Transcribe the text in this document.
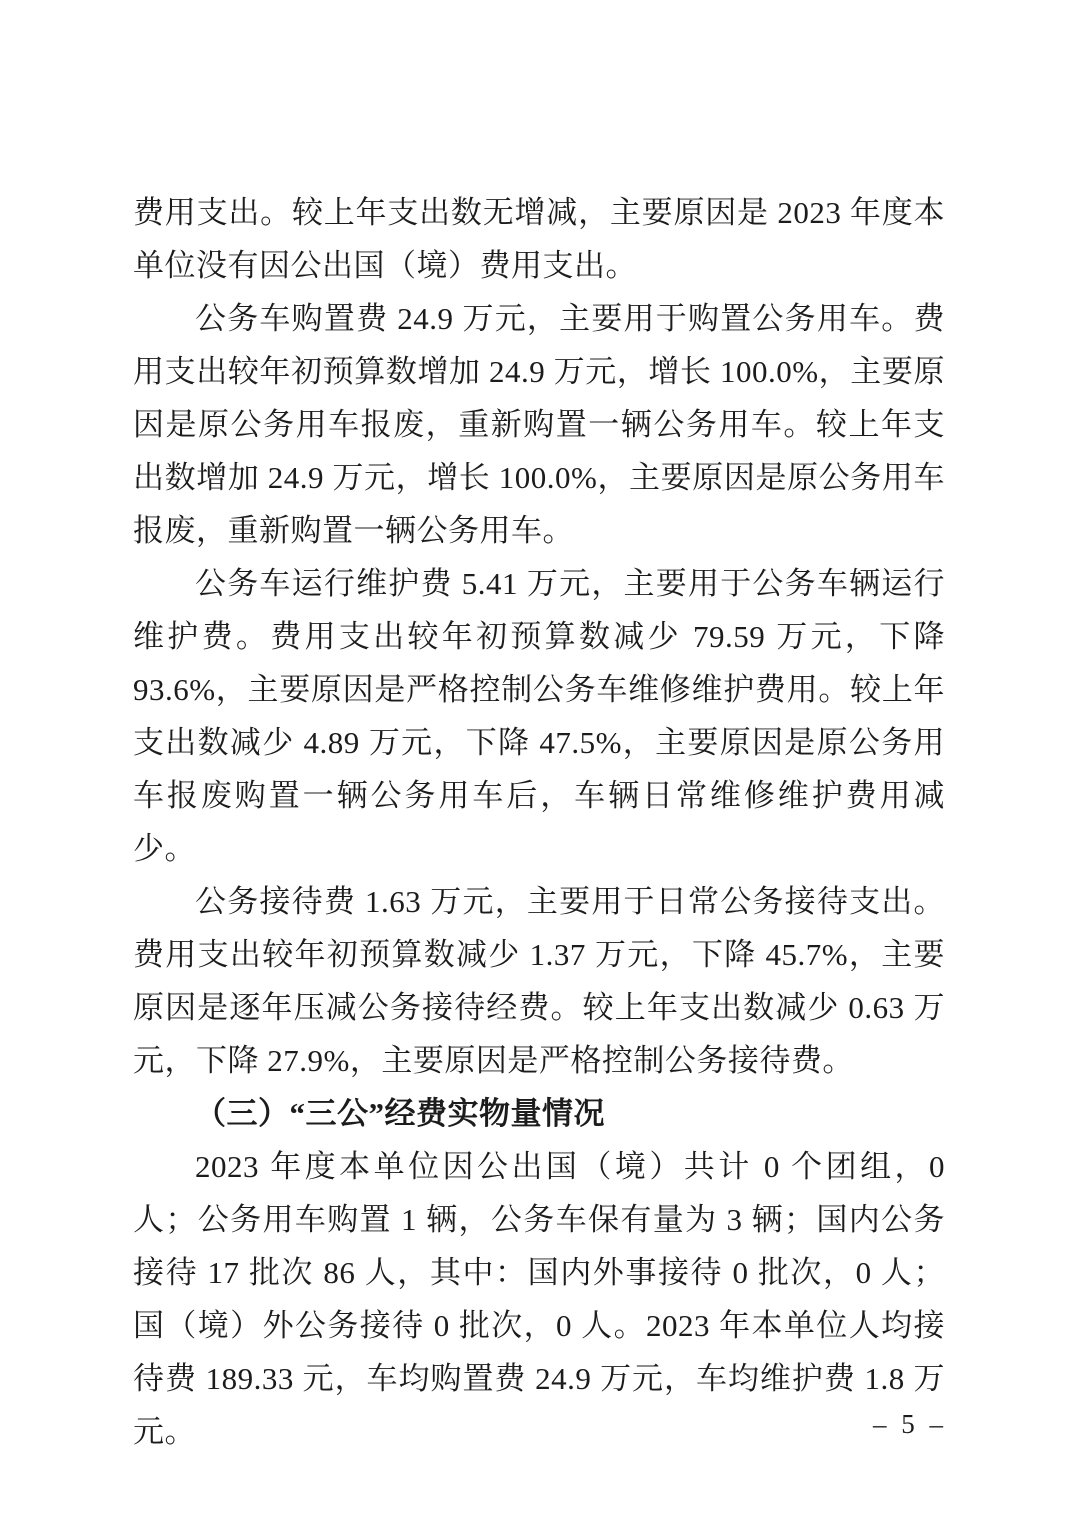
费用支出。较上年支出数无增减，主要原因是 2023 年度本单位没有因公出国（境）费用支出。

公务车购置费 24.9 万元，主要用于购置公务用车。费用支出较年初预算数增加 24.9 万元，增长 100.0%，主要原因是原公务用车报废，重新购置一辆公务用车。较上年支出数增加 24.9 万元，增长 100.0%，主要原因是原公务用车报废，重新购置一辆公务用车。

公务车运行维护费 5.41 万元，主要用于公务车辆运行维护费。费用支出较年初预算数减少 79.59 万元，下降 93.6%，主要原因是严格控制公务车维修维护费用。较上年支出数减少 4.89 万元，下降 47.5%，主要原因是原公务用车报废购置一辆公务用车后，车辆日常维修维护费用减少。

公务接待费 1.63 万元，主要用于日常公务接待支出。费用支出较年初预算数减少 1.37 万元，下降 45.7%，主要原因是逐年压减公务接待经费。较上年支出数减少 0.63 万元，下降 27.9%，主要原因是严格控制公务接待费。

（三）“三公”经费实物量情况

2023 年度本单位因公出国（境）共计 0 个团组，0 人；公务用车购置 1 辆，公务车保有量为 3 辆；国内公务接待 17 批次 86 人，其中：国内外事接待 0 批次，0 人；国（境）外公务接待 0 批次，0 人。2023 年本单位人均接待费 189.33 元，车均购置费 24.9 万元，车均维护费 1.8 万元。	– 5 –
